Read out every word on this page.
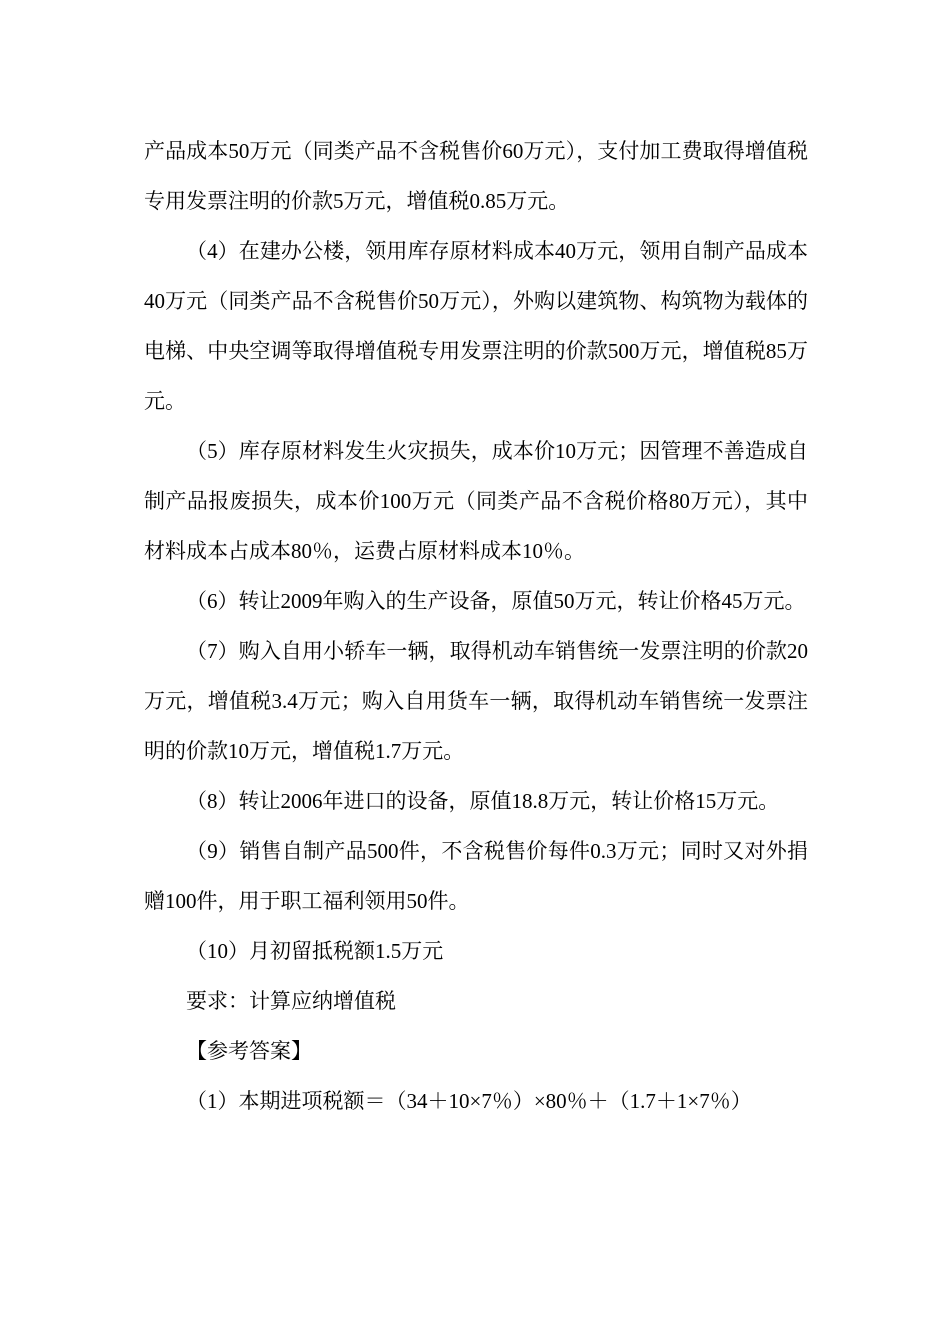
产品成本50万元（同类产品不含税售价60万元），支付加工费取得增值税专用发票注明的价款5万元，增值税0.85万元。

（4）在建办公楼，领用库存原材料成本40万元，领用自制产品成本40万元（同类产品不含税售价50万元），外购以建筑物、构筑物为载体的电梯、中央空调等取得增值税专用发票注明的价款500万元，增值税85万元。

（5）库存原材料发生火灾损失，成本价10万元；因管理不善造成自制产品报废损失，成本价100万元（同类产品不含税价格80万元），其中材料成本占成本80％，运费占原材料成本10％。

（6）转让2009年购入的生产设备，原值50万元，转让价格45万元。

（7）购入自用小轿车一辆，取得机动车销售统一发票注明的价款20万元，增值税3.4万元；购入自用货车一辆，取得机动车销售统一发票注明的价款10万元，增值税1.7万元。

（8）转让2006年进口的设备，原值18.8万元，转让价格15万元。

（9）销售自制产品500件，不含税售价每件0.3万元；同时又对外捐赠100件，用于职工福利领用50件。

（10）月初留抵税额1.5万元

要求：计算应纳增值税

【参考答案】

（1）本期进项税额＝（34＋10×7％）×80％＋（1.7＋1×7％）
